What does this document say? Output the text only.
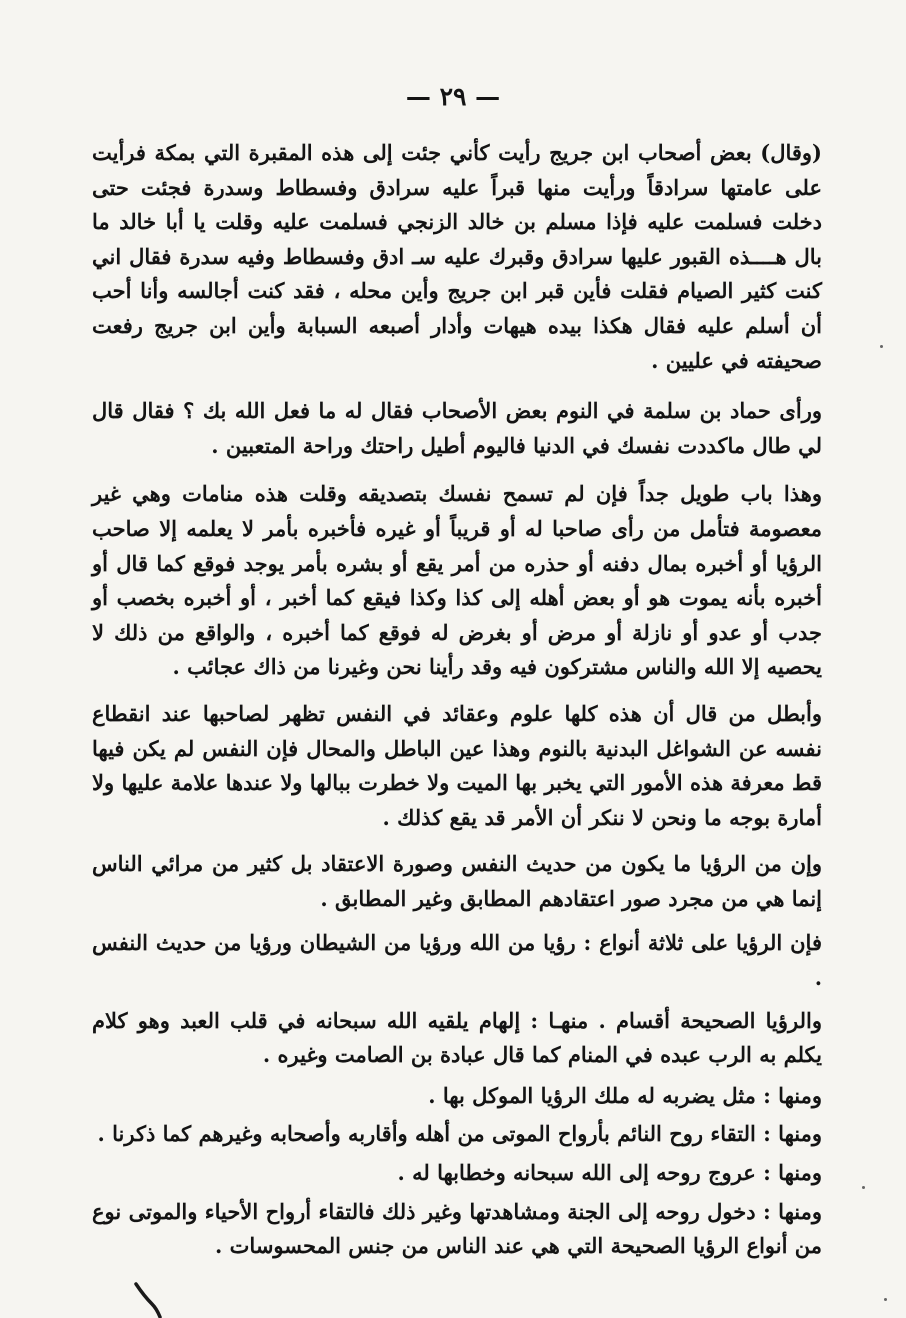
— ٢٩ —

(وقال) بعض أصحاب ابن جريج رأيت كأني جئت إلى هذه المقبرة التي بمكة فرأيت على عامتها سرادقاً ورأيت منها قبراً عليه سرادق وفسطاط وسدرة فجئت حتى دخلت فسلمت عليه فإذا مسلم بن خالد الزنجي فسلمت عليه وقلت يا أبا خالد ما بال هــــذه القبور عليها سرادق وقبرك عليه سـ ادق وفسطاط وفيه سدرة فقال اني كنت كثير الصيام فقلت فأين قبر ابن جريج وأين محله ، فقد كنت أجالسه وأنا أحب أن أسلم عليه فقال هكذا بيده هيهات وأدار أصبعه السبابة وأين ابن جريج رفعت صحيفته في عليين .

ورأى حماد بن سلمة في النوم بعض الأصحاب فقال له ما فعل الله بك ؟ فقال قال لي طال ماكددت نفسك في الدنيا فاليوم أطيل راحتك وراحة المتعبين .

وهذا باب طويل جداً فإن لم تسمح نفسك بتصديقه وقلت هذه منامات وهي غير معصومة فتأمل من رأى صاحبا له أو قريباً أو غيره فأخبره بأمر لا يعلمه إلا صاحب الرؤيا أو أخبره بمال دفنه أو حذره من أمر يقع أو بشره بأمر يوجد فوقع كما قال أو أخبره بأنه يموت هو أو بعض أهله إلى كذا وكذا فيقع كما أخبر ، أو أخبره بخصب أو جدب أو عدو أو نازلة أو مرض أو بغرض له فوقع كما أخبره ، والواقع من ذلك لا يحصيه إلا الله والناس مشتركون فيه وقد رأينا نحن وغيرنا من ذاك عجائب .

وأبطل من قال أن هذه كلها علوم وعقائد في النفس تظهر لصاحبها عند انقطاع نفسه عن الشواغل البدنية بالنوم وهذا عين الباطل والمحال فإن النفس لم يكن فيها قط معرفة هذه الأمور التي يخبر بها الميت ولا خطرت ببالها ولا عندها علامة عليها ولا أمارة بوجه ما ونحن لا ننكر أن الأمر قد يقع كذلك .

وإن من الرؤيا ما يكون من حديث النفس وصورة الاعتقاد بل كثير من مرائي الناس إنما هي من مجرد صور اعتقادهم المطابق وغير المطابق .

فإن الرؤيا على ثلاثة أنواع : رؤيا من الله ورؤيا من الشيطان ورؤيا من حديث النفس .

والرؤيا الصحيحة أقسام . منهـا : إلهام يلقيه الله سبحانه في قلب العبد وهو كلام يكلم به الرب عبده في المنام كما قال عبادة بن الصامت وغيره .

ومنها : مثل يضربه له ملك الرؤيا الموكل بها .

ومنها : التقاء روح النائم بأرواح الموتى من أهله وأقاربه وأصحابه وغيرهم كما ذكرنا .

ومنها : عروج روحه إلى الله سبحانه وخطابها له .

ومنها : دخول روحه إلى الجنة ومشاهدتها وغير ذلك فالتقاء أرواح الأحياء والموتى نوع من أنواع الرؤيا الصحيحة التي هي عند الناس من جنس المحسوسات .
